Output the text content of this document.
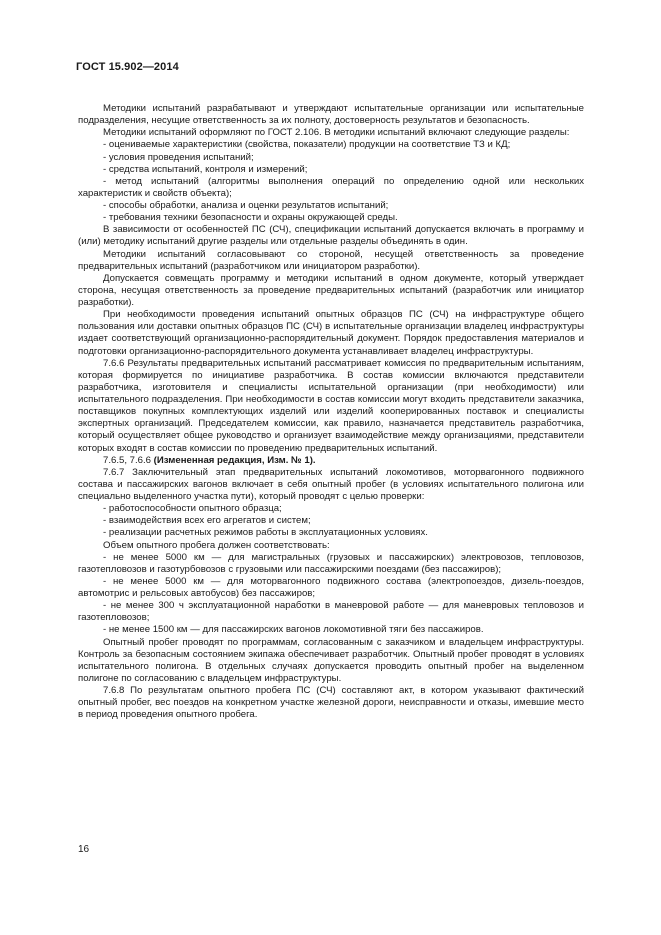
ГОСТ 15.902—2014

Методики испытаний разрабатывают и утверждают испытательные организации или испытательные подразделения, несущие ответственность за их полноту, достоверность результатов и безопасность.

Методики испытаний оформляют по ГОСТ 2.106. В методики испытаний включают следующие разделы:

- оцениваемые характеристики (свойства, показатели) продукции на соответствие ТЗ и КД;

- условия проведения испытаний;

- средства испытаний, контроля и измерений;

- метод испытаний (алгоритмы выполнения операций по определению одной или нескольких характеристик и свойств объекта);

- способы обработки, анализа и оценки результатов испытаний;

- требования техники безопасности и охраны окружающей среды.

В зависимости от особенностей ПС (СЧ), спецификации испытаний допускается включать в программу и (или) методику испытаний другие разделы или отдельные разделы объединять в один.

Методики испытаний согласовывают со стороной, несущей ответственность за проведение предварительных испытаний (разработчиком или инициатором разработки).

Допускается совмещать программу и методики испытаний в одном документе, который утверждает сторона, несущая ответственность за проведение предварительных испытаний (разработчик или инициатор разработки).

При необходимости проведения испытаний опытных образцов ПС (СЧ) на инфраструктуре общего пользования или доставки опытных образцов ПС (СЧ) в испытательные организации владелец инфраструктуры издает соответствующий организационно-распорядительный документ. Порядок предоставления материалов и подготовки организационно-распорядительного документа устанавливает владелец инфраструктуры.

7.6.6 Результаты предварительных испытаний рассматривает комиссия по предварительным испытаниям, которая формируется по инициативе разработчика. В состав комиссии включаются представители разработчика, изготовителя и специалисты испытательной организации (при необходимости) или испытательного подразделения. При необходимости в состав комиссии могут входить представители заказчика, поставщиков покупных комплектующих изделий или изделий кооперированных поставок и специалисты экспертных организаций. Председателем комиссии, как правило, назначается представитель разработчика, который осуществляет общее руководство и организует взаимодействие между организациями, представители которых входят в состав комиссии по проведению предварительных испытаний.

7.6.5, 7.6.6 (Измененная редакция, Изм. № 1).

7.6.7 Заключительный этап предварительных испытаний локомотивов, моторвагонного подвижного состава и пассажирских вагонов включает в себя опытный пробег (в условиях испытательного полигона или специально выделенного участка пути), который проводят с целью проверки:

- работоспособности опытного образца;

- взаимодействия всех его агрегатов и систем;

- реализации расчетных режимов работы в эксплуатационных условиях.

Объем опытного пробега должен соответствовать:

- не менее 5000 км — для магистральных (грузовых и пассажирских) электровозов, тепловозов, газотепловозов и газотурбовозов с грузовыми или пассажирскими поездами (без пассажиров);

- не менее 5000 км — для моторвагонного подвижного состава (электропоездов, дизель-поездов, автомотрис и рельсовых автобусов) без пассажиров;

- не менее 300 ч эксплуатационной наработки в маневровой работе — для маневровых тепловозов и газотепловозов;

- не менее 1500 км — для пассажирских вагонов локомотивной тяги без пассажиров.

Опытный пробег проводят по программам, согласованным с заказчиком и владельцем инфраструктуры. Контроль за безопасным состоянием экипажа обеспечивает разработчик. Опытный пробег проводят в условиях испытательного полигона. В отдельных случаях допускается проводить опытный пробег на выделенном полигоне по согласованию с владельцем инфраструктуры.

7.6.8 По результатам опытного пробега ПС (СЧ) составляют акт, в котором указывают фактический опытный пробег, вес поездов на конкретном участке железной дороги, неисправности и отказы, имевшие место в период проведения опытного пробега.

16
